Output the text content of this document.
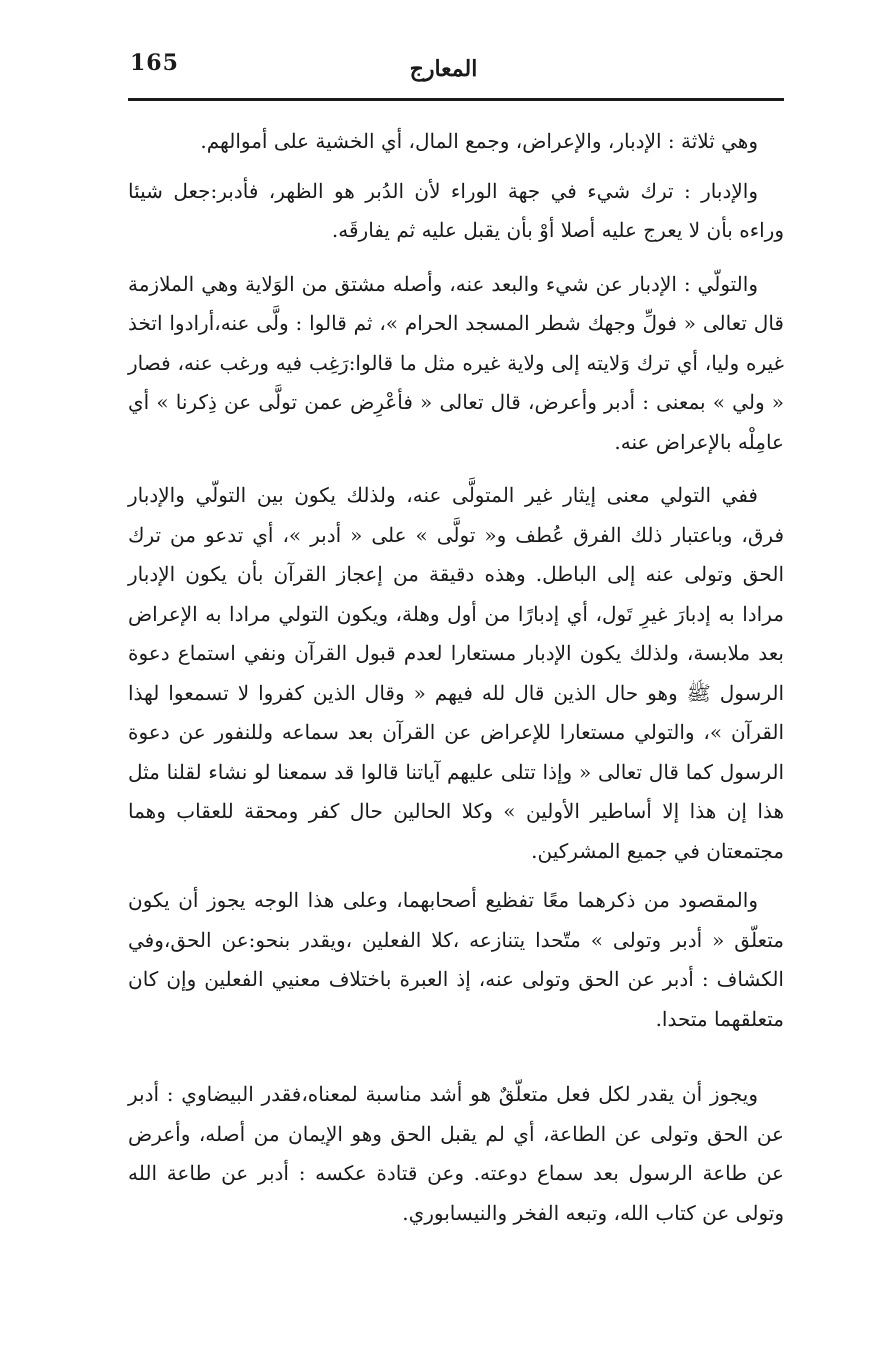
165	المعارج

وهي ثلاثة : الإدبار، والإعراض، وجمع المال، أي الخشية على أموالهم.

والإدبار : ترك شيء في جهة الوراء لأن الدُبر هو الظهر، فأدبر:جعل شيئا وراءه بأن لا يعرج عليه أصلا أوْ بأن يقبل عليه ثم يفارقَه.

والتولّي : الإدبار عن شيء والبعد عنه، وأصله مشتق من الوَلاية وهي الملازمة قال تعالى « فولِّ وجهك شطر المسجد الحرام »، ثم قالوا : ولَّى عنه،أرادوا اتخذ غيره وليا، أي ترك وَلايته إلى ولاية غيره مثل ما قالوا:رَغِب فيه ورغب عنه، فصار « ولي » بمعنى : أدبر وأعرض، قال تعالى « فأعْرِض عمن تولَّى عن ذِكرنا » أي عامِلْه بالإعراض عنه.

ففي التولي معنى إيثار غير المتولَّى عنه، ولذلك يكون بين التولّي والإدبار فرق، وباعتبار ذلك الفرق عُطف و« تولَّى » على « أدبر »، أي تدعو من ترك الحق وتولى عنه إلى الباطل. وهذه دقيقة من إعجاز القرآن بأن يكون الإدبار مرادا به إدبارَ غيرِ تَول، أي إدبارًا من أول وهلة، ويكون التولي مرادا به الإعراض بعد ملابسة، ولذلك يكون الإدبار مستعارا لعدم قبول القرآن ونفي استماع دعوة الرسول ﷺ وهو حال الذين قال لله فيهم « وقال الذين كفروا لا تسمعوا لهذا القرآن »، والتولي مستعارا للإعراض عن القرآن بعد سماعه وللنفور عن دعوة الرسول كما قال تعالى « وإذا تتلى عليهم آياتنا قالوا قد سمعنا لو نشاء لقلنا مثل هذا إن هذا إلا أساطير الأولين » وكلا الحالين حال كفر ومحقة للعقاب وهما مجتمعتان في جميع المشركين.

والمقصود من ذكرهما معًا تفظيع أصحابهما، وعلى هذا الوجه يجوز أن يكون متعلّق « أدبر وتولى » متّحدا يتنازعه ،كلا الفعلين ،ويقدر بنحو:عن الحق،وفي الكشاف : أدبر عن الحق وتولى عنه، إذ العبرة باختلاف معنيي الفعلين وإن كان متعلقهما متحدا.

ويجوز أن يقدر لكل فعل متعلّقٌ هو أشد مناسبة لمعناه،فقدر البيضاوي : أدبر عن الحق وتولى عن الطاعة، أي لم يقبل الحق وهو الإيمان من أصله، وأعرض عن طاعة الرسول بعد سماع دوعته. وعن قتادة عكسه : أدبر عن طاعة الله وتولى عن كتاب الله، وتبعه الفخر والنيسابوري.
